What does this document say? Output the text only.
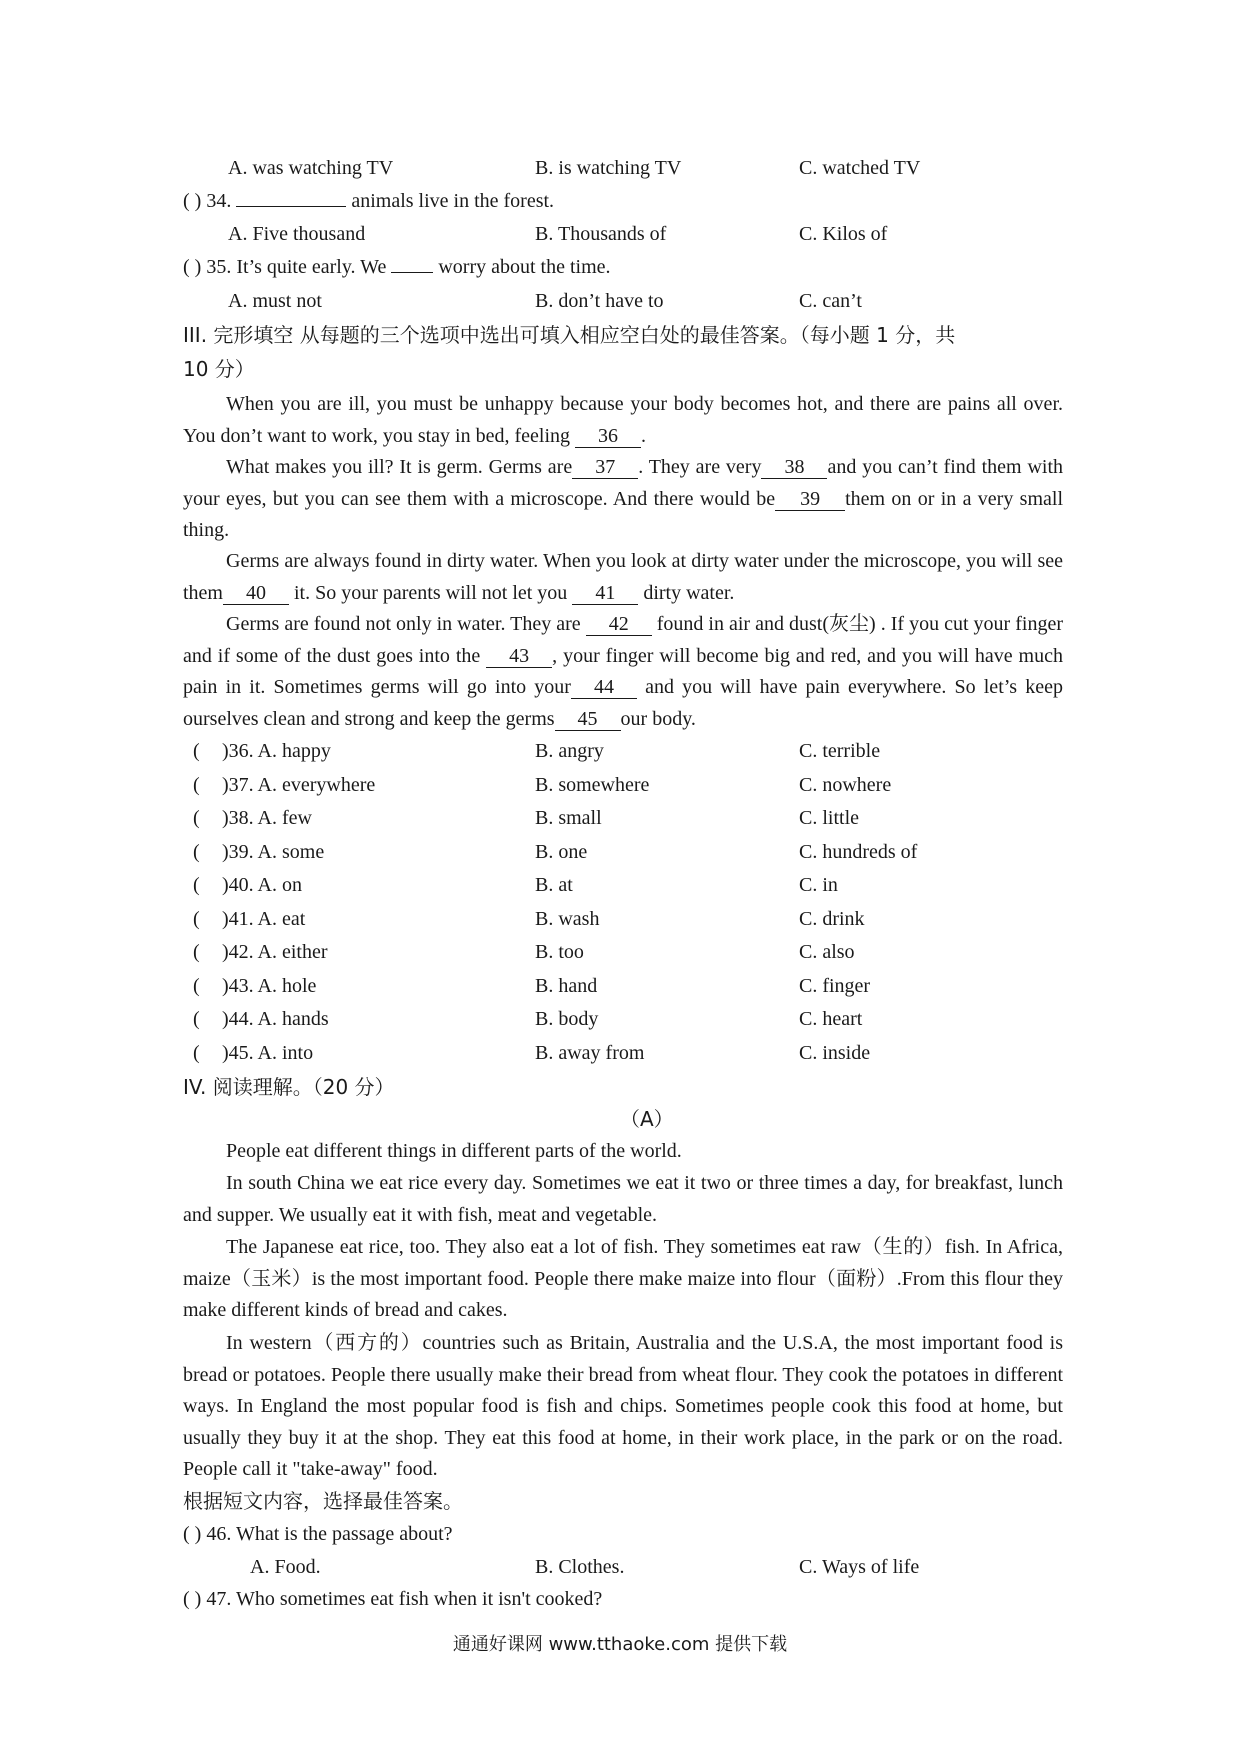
A. was watching TV	B. is watching TV	C. watched TV
( ) 34.	animals live in the forest.
A. Five thousand	B. Thousands of	C. Kilos of
( ) 35. It’s quite early. We	worry about the time.
A. must not	B. don’t have to	C. can’t
III. 完形填空 从每题的三个选项中选出可填入相应空白处的最佳答案。（每小题 1 分，共
10 分）
When you are ill, you must be unhappy because your body becomes hot, and there are pains all over. You don’t want to work, you stay in bed, feeling 36 .
What makes you ill? It is germ. Germs are 37 . They are very 38 and you can’t find them with your eyes, but you can see them with a microscope. And there would be 39 them on or in a very small thing.
Germs are always found in dirty water. When you look at dirty water under the microscope, you will see them 40 it. So your parents will not let you 41 dirty water.
Germs are found not only in water. They are 42 found in air and dust(灰尘) . If you cut your finger and if some of the dust goes into the 43 , your finger will become big and red, and you will have much pain in it. Sometimes germs will go into your 44 and you will have pain everywhere. So let’s keep ourselves clean and strong and keep the germs 45 our body.
( )36. A. happy	B. angry	C. terrible
( )37. A. everywhere	B. somewhere	C. nowhere
( )38. A. few	B. small	C. little
( )39. A. some	B. one	C. hundreds of
( )40. A. on	B. at	C. in
( )41. A. eat	B. wash	C. drink
( )42. A. either	B. too	C. also
( )43. A. hole	B. hand	C. finger
( )44. A. hands	B. body	C. heart
( )45. A. into	B. away from	C. inside
IV. 阅读理解。（20 分）
（A）
People eat different things in different parts of the world.
In south China we eat rice every day. Sometimes we eat it two or three times a day, for breakfast, lunch and supper. We usually eat it with fish, meat and vegetable.
The Japanese eat rice, too. They also eat a lot of fish. They sometimes eat raw（生的）fish. In Africa, maize（玉米）is the most important food. People there make maize into flour（面粉）.From this flour they make different kinds of bread and cakes.
In western（西方的）countries such as Britain, Australia and the U.S.A, the most important food is bread or potatoes. People there usually make their bread from wheat flour. They cook the potatoes in different ways. In England the most popular food is fish and chips. Sometimes people cook this food at home, but usually they buy it at the shop. They eat this food at home, in their work place, in the park or on the road. People call it "take-away" food.
根据短文内容，选择最佳答案。
( ) 46. What is the passage about?
A. Food.	B. Clothes.	C. Ways of life
( ) 47. Who sometimes eat fish when it isn't cooked?
通通好课网 www.tthaoke.com 提供下载
